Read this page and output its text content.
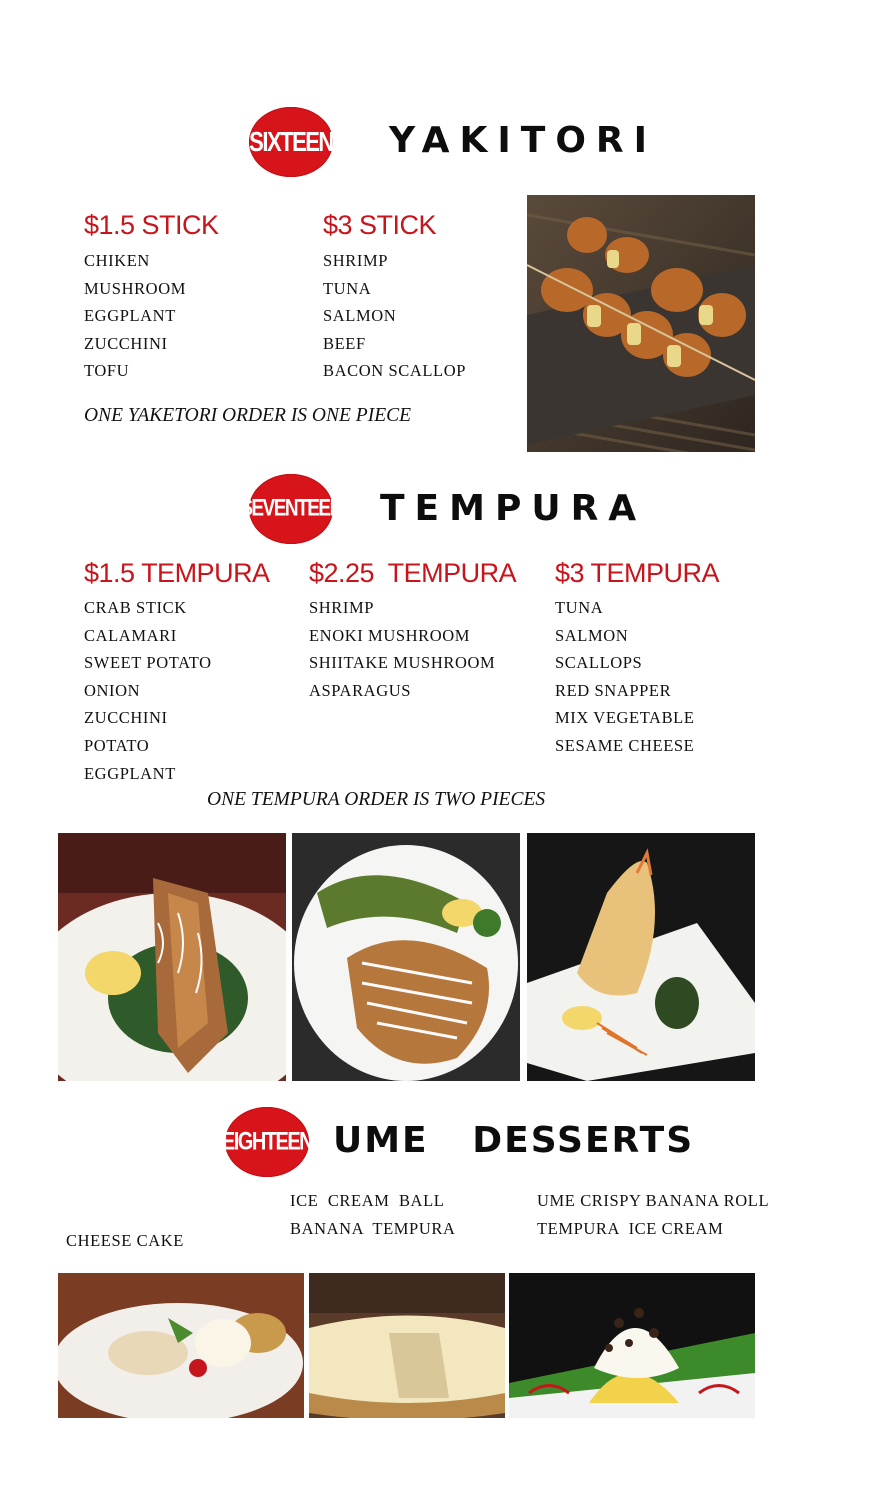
SIXTEEN YAKITORI
$1.5 STICK
CHIKEN
MUSHROOM
EGGPLANT
ZUCCHINI
TOFU
$3 STICK
SHRIMP
TUNA
SALMON
BEEF
BACON SCALLOP
ONE YAKETORI ORDER IS ONE PIECE
SEVENTEEN TEMPURA
$1.5 TEMPURA
CRAB STICK
CALAMARI
SWEET POTATO
ONION
ZUCCHINI
POTATO
EGGPLANT
$2.25  TEMPURA
SHRIMP
ENOKI MUSHROOM
SHIITAKE MUSHROOM
ASPARAGUS
$3 TEMPURA
TUNA
SALMON
SCALLOPS
RED SNAPPER
MIX VEGETABLE
SESAME CHEESE
ONE TEMPURA ORDER IS TWO PIECES
EIGHTEEN UME   DESSERTS

CHEESE CAKE

ICE  CREAM  BALL
BANANA  TEMPURA
UME CRISPY BANANA ROLL
TEMPURA  ICE CREAM
